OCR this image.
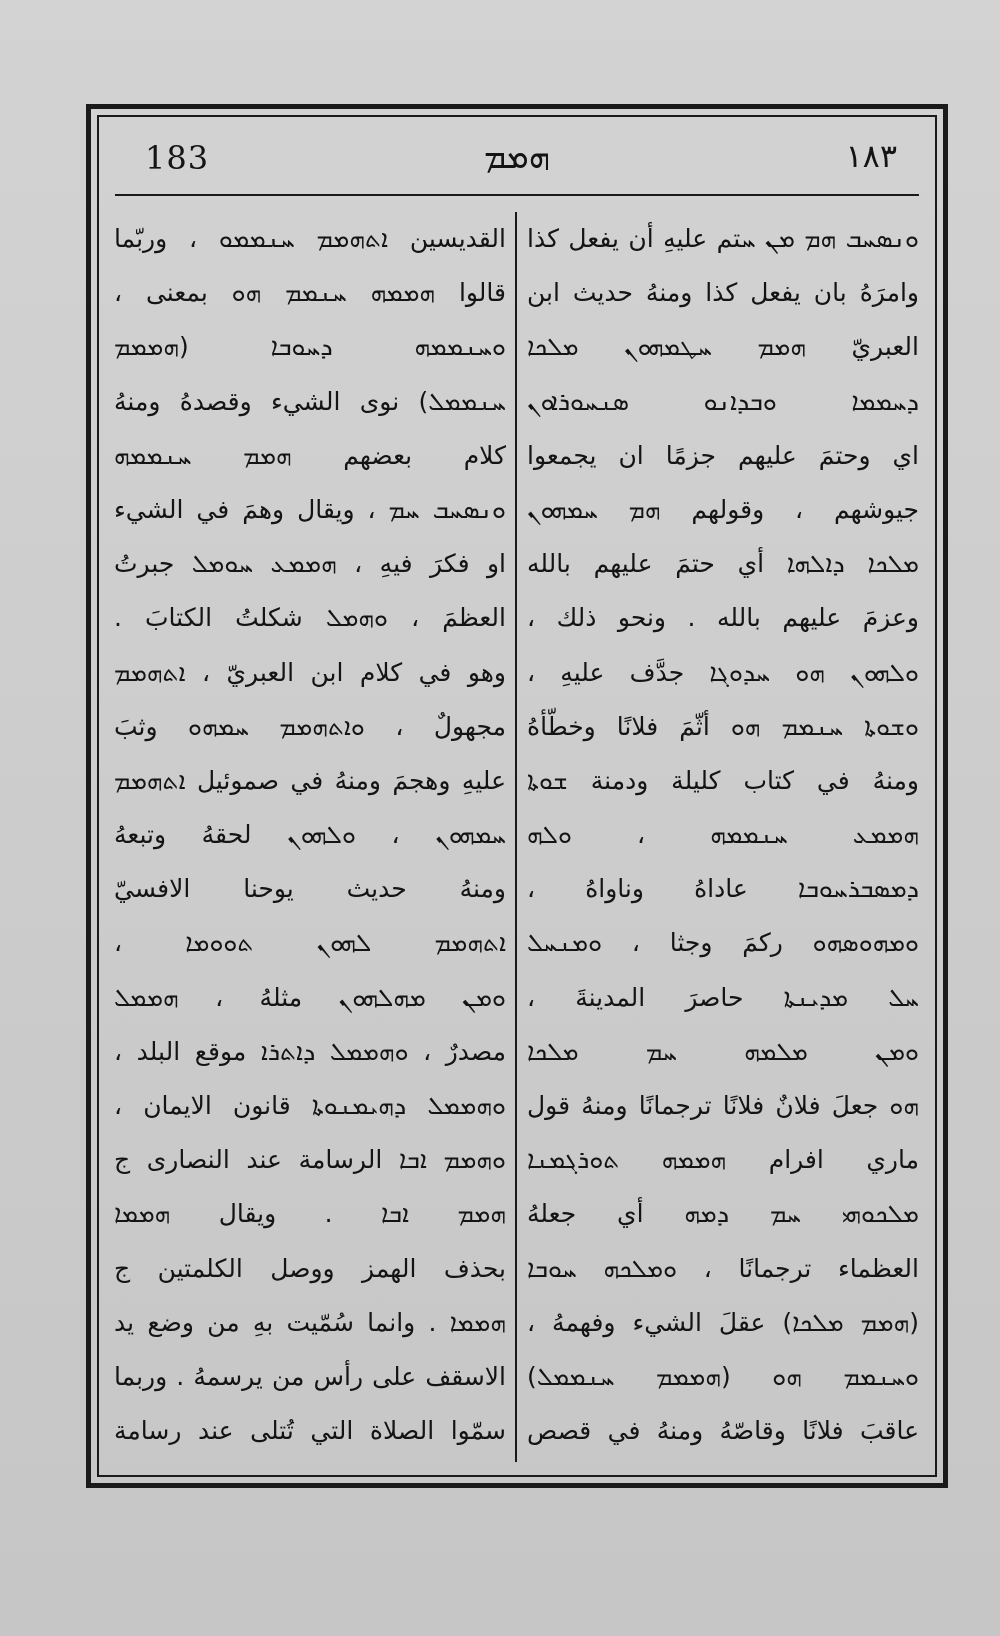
183	ܗܡܡ	١٨٣
ܘܢܣܚܒ ܗܡ ܡܢ ܚتم عليهِ أن يفعل كذا
وامرَهُ بان يفعل كذا ومنهُ حديث ابن
العبريّ ܗܡܡ ܚܛܡܗܘܢ ܡܠܟܐ
ܕܚܡܡܐ ܘܒܕܐܢܘ ܣܢܚܘܪܐܘܢ
اي وحتمَ عليهم جزمًا ان يجمعوا
جيوشهم ، وقولهم ܗܡ ܚܡܗܘܢ
ܡܠܟܐ ܕܐܠܗܐ أي حتمَ عليهم بالله
وعزمَ عليهم بالله . ونحو ذلك ،
ܘܠܗܘܢ ܗܘ ܚܕܘܓܐ جدَّف عليهِ ،
ܘܫܘܬܐ ܚܢܡܡ ܗܘ أثّمَ فلانًا وخطّأهُ
ومنهُ في كتاب كليلة ودمنة ܫܘܬܐ
ܗܡܡܥ ܚܢܡܡܗ ، ܘܠܗ
ܕܡܣܒܪܚܘܒܐ عاداهُ وناواهُ ،
ܘܡܗܘܣܗܘ ركمَ وجثا ، ܘܡܢܚܠ
ܚܠ ܡܕܝܢܬܐ حاصرَ المدينةَ ،
ܘܡܢ ܡܠܡܗ ܚܡ ܡܠܟܐ
ܗܘ جعلَ فلانٌ فلانًا ترجمانًا ومنهُ قول
ماري افرام ܗܡܡܗ ܬܘܪܓܡܢܐ
ܡܠܟܘܗܝ ܚܡ ܕܡܗ أي جعلهُ
العظماء ترجمانًا ، ܘܡܠܟܗ ܚܘܒܐ
(ܗܡܡ ܡܠܟܐ) عقلَ الشيء وفهمهُ ،
ܘܚܢܡܡ ܗܘ (ܗܡܡܡ ܚܢܡܡܠ)
عاقبَ فلانًا وقاصّهُ ومنهُ في قصص
القديسين ܐܬܗܡܡ ܚܢܡܡܘ ، وربّما
قالوا ܗܡܡܗ ܚܢܡܡ ܗܘ بمعنى ،
ܘܚܢܡܡܗ ܕܚܘܒܐ (ܗܡܡܡ
ܚܢܡܡܠ) نوى الشيء وقصدهُ ومنهُ
كلام بعضهم ܗܡܡ ܚܢܡܡܗ
ܘܢܣܚܒ ܚܡ ، ويقال وهمَ في الشيء
او فكرَ فيهِ ، ܗܡܡܥ ܚܘܡܠ جبرتُ
العظمَ ، ܘܗܡܠ شكلتُ الكتابَ .
وهو في كلام ابن العبريّ ، ܐܬܗܡܡ
مجهولٌ ، ܘܐܬܗܡܡ ܚܡܗܘ وثبَ
عليهِ وهجمَ ومنهُ في صموئيل ܐܬܗܡܡ
ܚܡܗܘܢ ، ܘܠܗܘܢ لحقهُ وتبعهُ
ومنهُ حديث يوحنا الافسيّ
ܐܬܗܡܡ ܠܗܘܢ ܬܘܘܡܐ ،
ܘܡܢ ܡܗܠܗܘܢ مثلهُ ، ܗܡܡܠ
مصدرٌ ، ܘܗܡܡܠ ܕܐܬܪܐ موقع البلد ،
ܘܗܡܡܠ ܕܗܝܡܢܘܬܐ قانون الايمان ،
ܘܗܡܡ ܐܒܐ الرسامة عند النصارى ج
ܗܡܡ ܐܒܐ . ويقال ܗܡܡܐ
بحذف الهمز ووصل الكلمتين ج
ܗܡܡܐ . وانما سُمّيت بهِ من وضع يد
الاسقف على رأس من يرسمهُ . وربما
سمّوا الصلاة التي تُتلى عند رسامة
